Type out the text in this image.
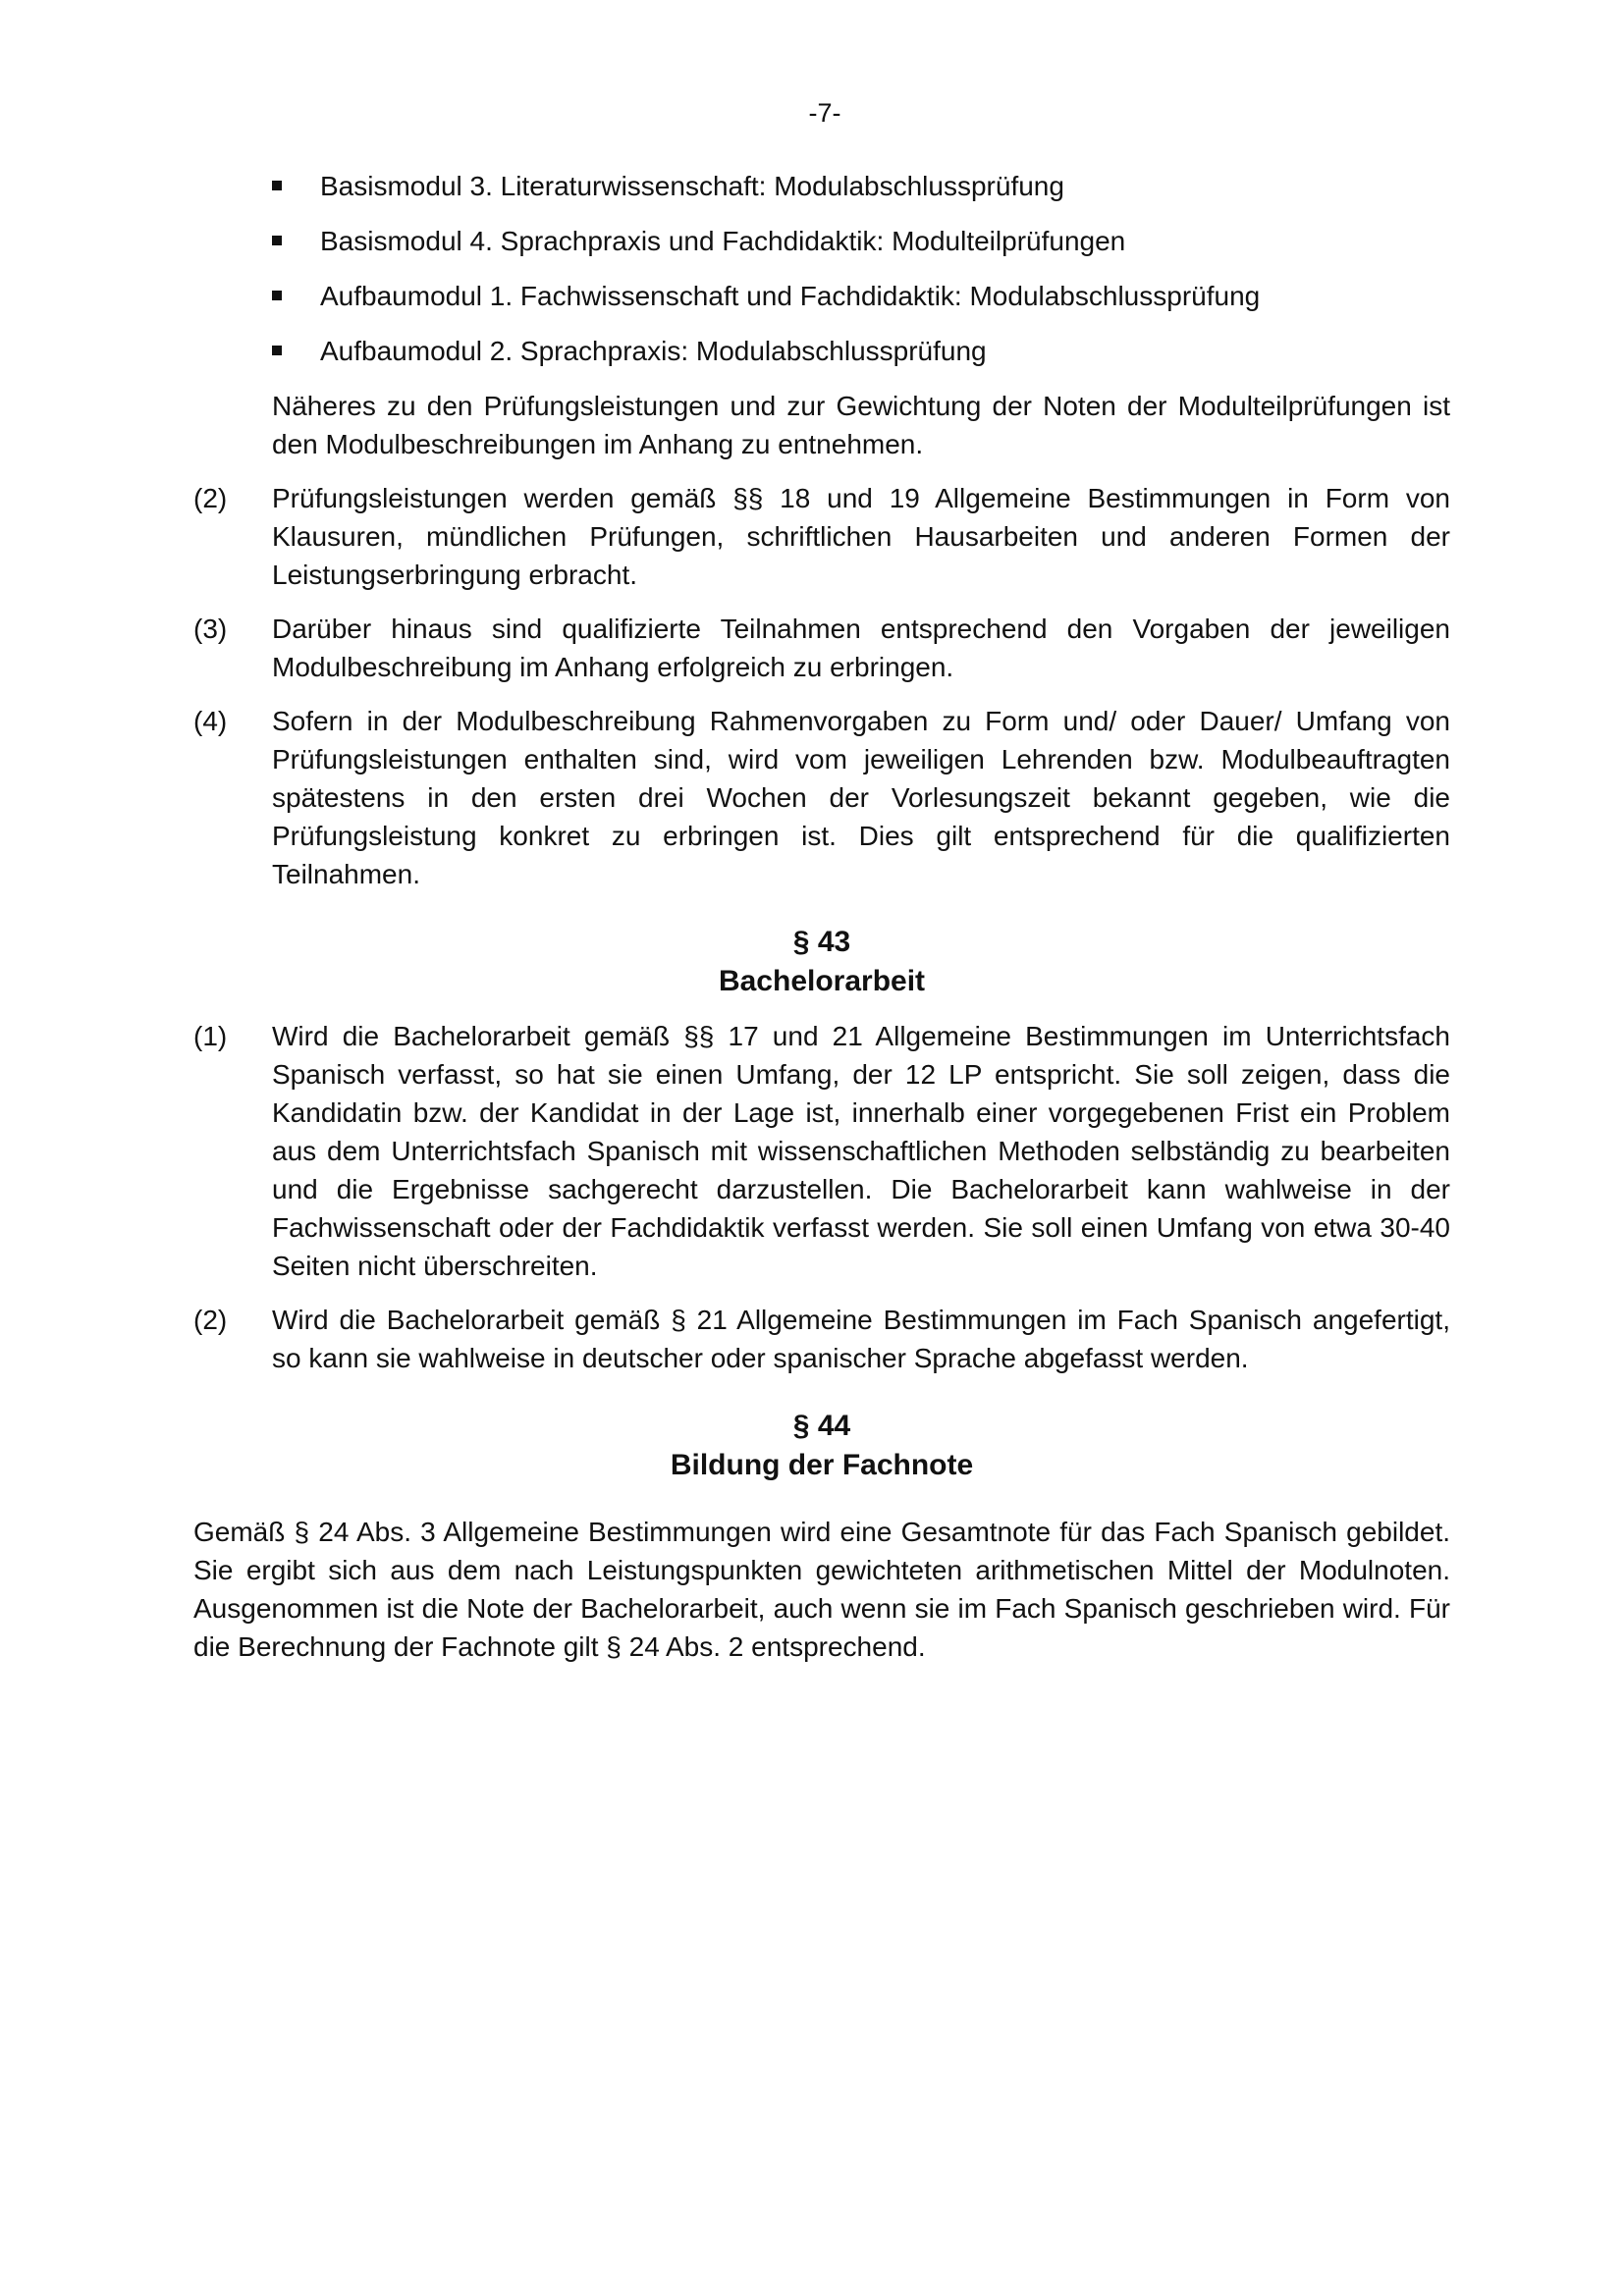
-7-
Basismodul 3. Literaturwissenschaft: Modulabschlussprüfung
Basismodul 4. Sprachpraxis und Fachdidaktik: Modulteilprüfungen
Aufbaumodul 1. Fachwissenschaft und Fachdidaktik: Modulabschlussprüfung
Aufbaumodul 2. Sprachpraxis: Modulabschlussprüfung

Näheres zu den Prüfungsleistungen und zur Gewichtung der Noten der Modulteilprüfungen ist den Modulbeschreibungen im Anhang zu entnehmen.

(2)	Prüfungsleistungen werden gemäß §§ 18 und 19 Allgemeine Bestimmungen in Form von Klausuren, mündlichen Prüfungen, schriftlichen Hausarbeiten und anderen Formen der Leistungserbringung erbracht.
(3)	Darüber hinaus sind qualifizierte Teilnahmen entsprechend den Vorgaben der jeweiligen Modulbeschreibung im Anhang erfolgreich zu erbringen.
(4)	Sofern in der Modulbeschreibung Rahmenvorgaben zu Form und/ oder Dauer/ Umfang von Prüfungsleistungen enthalten sind, wird vom jeweiligen Lehrenden bzw. Modulbeauftragten spätestens in den ersten drei Wochen der Vorlesungszeit bekannt gegeben, wie die Prüfungsleistung konkret zu erbringen ist. Dies gilt entsprechend für die qualifizierten Teilnahmen.
§ 43
Bachelorarbeit
(1)	Wird die Bachelorarbeit gemäß §§ 17 und 21 Allgemeine Bestimmungen im Unterrichtsfach Spanisch verfasst, so hat sie einen Umfang, der 12 LP entspricht. Sie soll zeigen, dass die Kandidatin bzw. der Kandidat in der Lage ist, innerhalb einer vorgegebenen Frist ein Problem aus dem Unterrichtsfach Spanisch mit wissenschaftlichen Methoden selbständig zu bearbeiten und die Ergebnisse sachgerecht darzustellen. Die Bachelorarbeit kann wahlweise in der Fachwissenschaft oder der Fachdidaktik verfasst werden. Sie soll einen Umfang von etwa 30-40 Seiten nicht überschreiten.
(2)	Wird die Bachelorarbeit gemäß § 21 Allgemeine Bestimmungen im Fach Spanisch angefertigt, so kann sie wahlweise in deutscher oder spanischer Sprache abgefasst werden.
§ 44
Bildung der Fachnote

Gemäß § 24 Abs. 3 Allgemeine Bestimmungen wird eine Gesamtnote für das Fach Spanisch gebildet. Sie ergibt sich aus dem nach Leistungspunkten gewichteten arithmetischen Mittel der Modulnoten. Ausgenommen ist die Note der Bachelorarbeit, auch wenn sie im Fach Spanisch geschrieben wird. Für die Berechnung der Fachnote gilt § 24 Abs. 2 entsprechend.
